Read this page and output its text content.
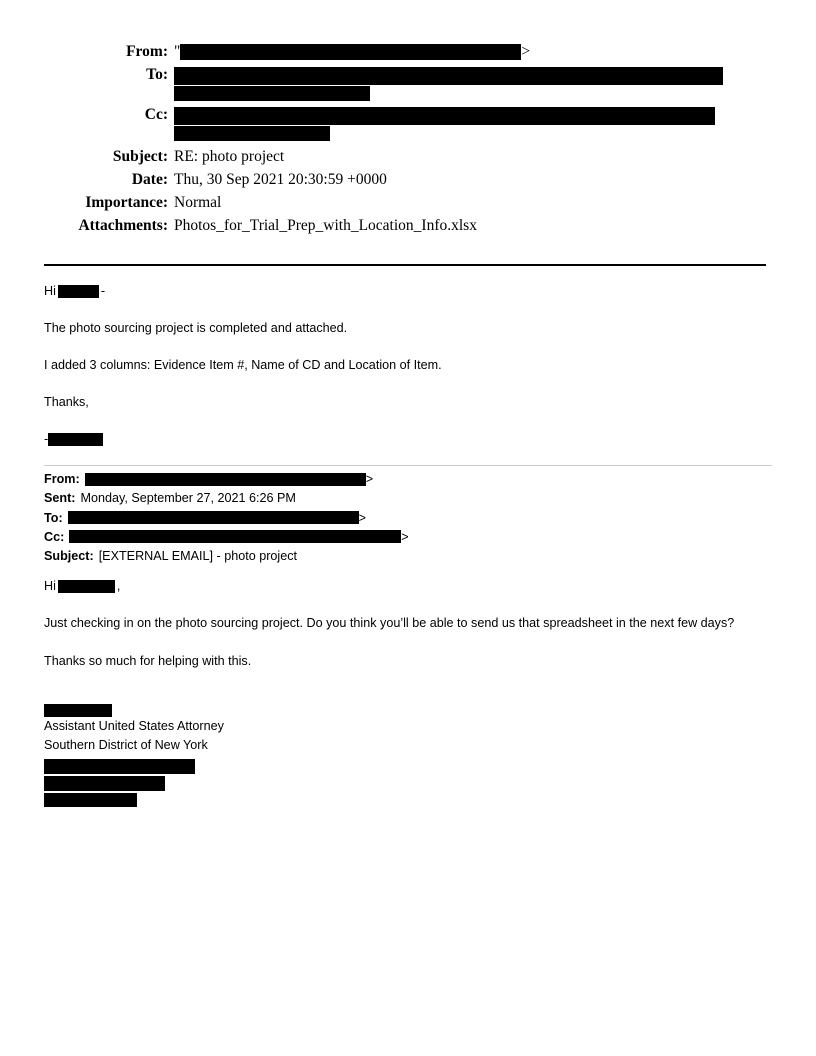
From: "	>
To:
Cc:
Subject: RE: photo project
Date: Thu, 30 Sep 2021 20:30:59 +0000
Importance: Normal
Attachments: Photos_for_Trial_Prep_with_Location_Info.xlsx

Hi	-

The photo sourcing project is completed and attached.

I added 3 columns: Evidence Item #, Name of CD and Location of Item.

Thanks,

-

From:	>
Sent: Monday, September 27, 2021 6:26 PM
To:	>
Cc:	>
Subject: [EXTERNAL EMAIL] - photo project

Hi	,

Just checking in on the photo sourcing project. Do you think you’ll be able to send us that spreadsheet in the next few days?

Thanks so much for helping with this.

Assistant United States Attorney
Southern District of New York
